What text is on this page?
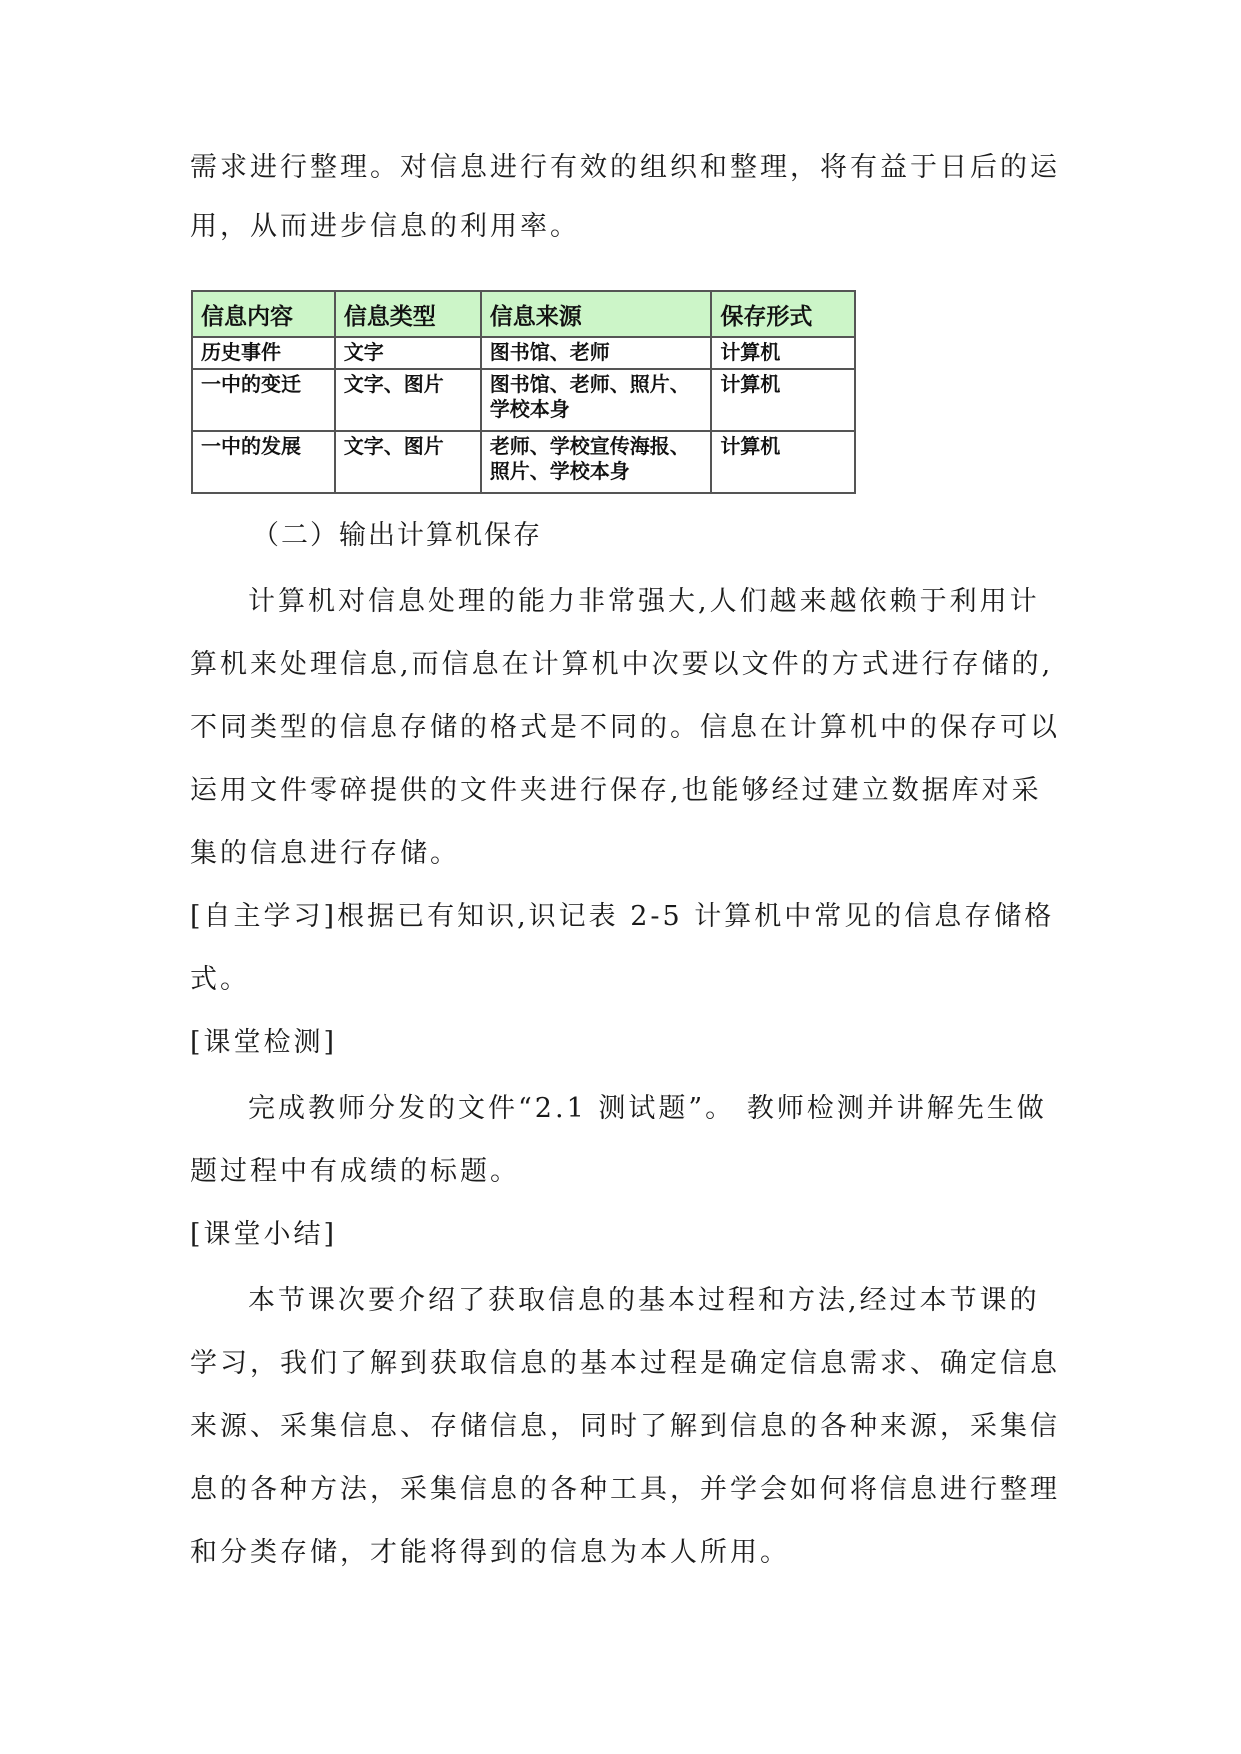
需求进行整理。对信息进行有效的组织和整理，将有益于日后的运
用，从而进步信息的利用率。
信息内容	信息类型	信息来源	保存形式
历史事件	文字	图书馆、老师	计算机
一中的变迁	文字、图片	图书馆、老师、照片、学校本身	计算机
一中的发展	文字、图片	老师、学校宣传海报、照片、学校本身	计算机
（二）输出计算机保存
计算机对信息处理的能力非常强大,人们越来越依赖于利用计
算机来处理信息,而信息在计算机中次要以文件的方式进行存储的,
不同类型的信息存储的格式是不同的。信息在计算机中的保存可以
运用文件零碎提供的文件夹进行保存,也能够经过建立数据库对采
集的信息进行存储。
[自主学习]根据已有知识,识记表 2-5 计算机中常见的信息存储格
式。
[课堂检测]
完成教师分发的文件“2.1 测试题”。 教师检测并讲解先生做
题过程中有成绩的标题。
[课堂小结]
本节课次要介绍了获取信息的基本过程和方法,经过本节课的
学习，我们了解到获取信息的基本过程是确定信息需求、确定信息
来源、采集信息、存储信息，同时了解到信息的各种来源，采集信
息的各种方法，采集信息的各种工具，并学会如何将信息进行整理
和分类存储，才能将得到的信息为本人所用。
